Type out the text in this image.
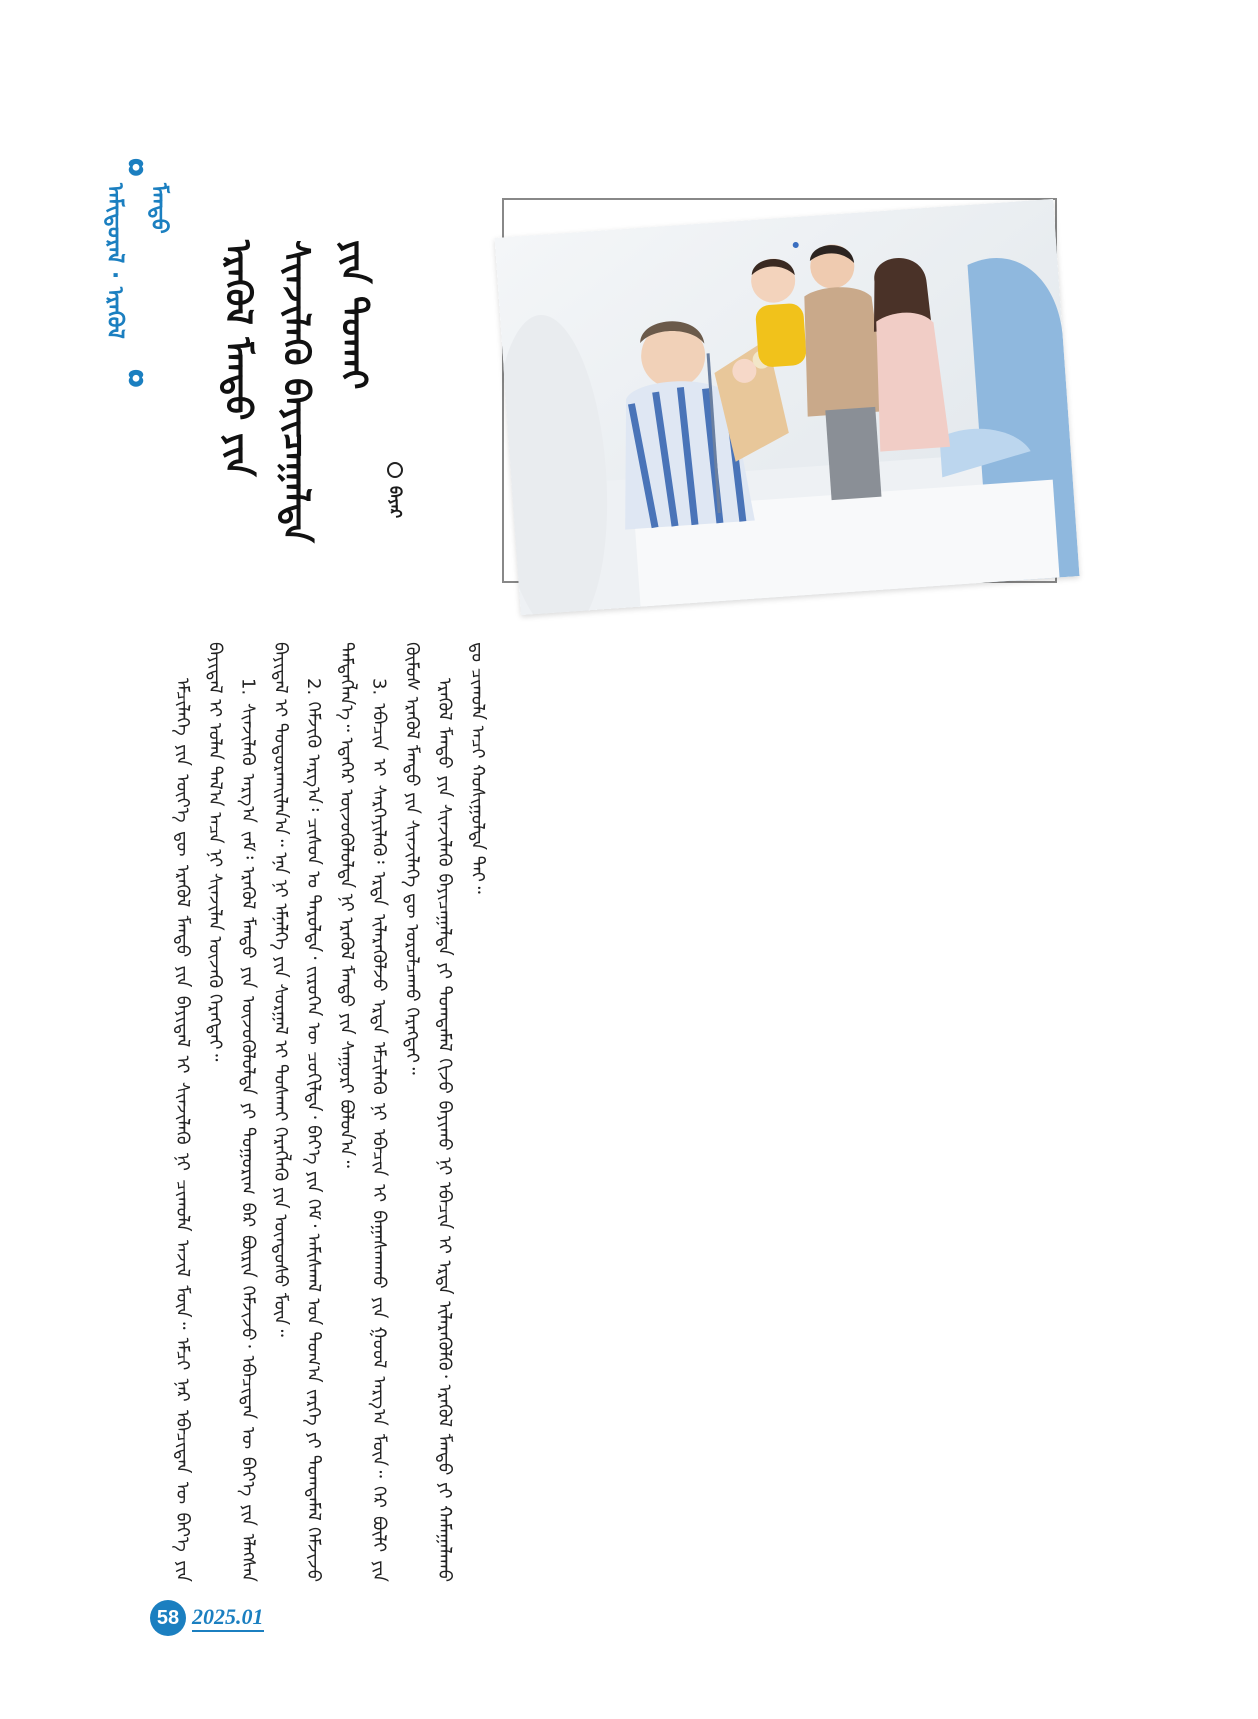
ᠠᠮᠢᠳᠤᠷᠠᠯ · ᠡᠷᠡᠭᠦᠯ ᠮᠡᠨᠳᠦ
ᠡᠷᠡᠭᠦᠯ ᠮᠡᠨᠳᠦ ᠶᠢᠨ ᠰᠢᠨᠵᠢᠯᠡᠬᠦ ᠪᠠᠶᠢᠴᠠᠭᠠᠯᠲᠠ ᠶᠢᠨ ᠲᠤᠬᠠᠢ
ᠪᠠᠶᠠᠷ

ᠡᠮᠴᠢᠯᠡᠭᠡ ᠶᠢᠨ ᠦᠶ᠎ᠡ ᠳᠦ ᠡᠷᠡᠭᠦᠯ ᠮᠡᠨᠳᠦ ᠶᠢᠨ ᠪᠠᠶᠢᠳᠠᠯ ᠢ ᠰᠢᠨᠵᠢᠯᠡᠬᠦ ᠨᠢ ᠴᠢᠬᠤᠯᠠ ᠠᠵᠢᠯ ᠮᠥᠨ᠃ ᠡᠮᠴᠢ ᠨᠠᠷ ᠡᠪᠡᠴᠢᠲᠡᠨ ᠦ ᠪᠡᠶ᠎ᠡ ᠶᠢᠨ ᠪᠠᠶᠢᠳᠠᠯ ᠢ ᠣᠯᠠᠨ ᠲᠠᠯ᠎ᠠ ᠠᠴᠠ ᠨᠢ ᠰᠢᠨᠵᠢᠯᠡᠨ ᠦᠵᠡᠬᠦ ᠬᠡᠷᠡᠭᠲᠡᠢ᠃ 1. ᠰᠢᠨᠵᠢᠯᠡᠬᠦ ᠠᠷᠭ᠎ᠠ ᠵᠠᠮ᠄ ᠡᠷᠡᠭᠦᠯ ᠮᠡᠨᠳᠦ ᠶᠢᠨ ᠦᠵᠦᠭᠦᠯᠦᠯᠲᠡ ᠶᠢ ᠲᠤᠭᠤᠷᠢᠭ ᠪᠡᠷ ᠪᠦᠷᠢᠨ ᠬᠡᠮᠵᠢᠵᠦ᠂ ᠡᠪᠡᠴᠢᠲᠡᠨ ᠦ ᠪᠡᠶ᠎ᠡ ᠶᠢᠨ ᠡᠯᠡᠭᠰᠡᠨ ᠪᠠᠶᠢᠳᠠᠯ ᠢ ᠲᠣᠳᠤᠷᠬᠠᠢᠯᠠᠨ᠎ᠠ᠃ ᠡᠨᠡ ᠨᠢ ᠡᠮᠨᠡᠯᠭᠡ ᠶᠢᠨ ᠰᠤᠷᠭᠠᠯ ᠢ ᠲᠤᠰᠬᠠᠢ ᠬᠡᠷᠡᠭᠯᠡᠬᠦ ᠶᠢᠨ ᠦᠨᠳᠦᠰᠦ ᠮᠥᠨ᠃ 2. ᠬᠡᠮᠵᠢᠬᠦ ᠠᠷᠭ᠎ᠠ᠄ ᠴᠢᠰᠤᠨ ᠤ ᠳᠠᠷᠤᠯᠲᠠ᠂ ᠵᠢᠷᠦᠬᠡᠨ ᠦ ᠴᠣᠬᠢᠯᠲᠠ᠂ ᠪᠡᠶ᠎ᠡ ᠶᠢᠨ ᠬᠡᠮ᠂ ᠠᠮᠢᠰᠭᠠᠯ ᠤᠨ ᠲᠣᠭ᠎ᠠ ᠵᠡᠷᠭᠡ ᠶᠢ ᠲᠣᠭᠲᠠᠮᠠᠯ ᠬᠡᠮᠵᠢᠵᠦ ᠲᠡᠮᠳᠡᠭᠯᠡᠨ᠎ᠡ᠃ ᠡᠳᠡᠭᠡᠷ ᠦᠵᠦᠭᠦᠯᠦᠯᠲᠡ ᠨᠢ ᠡᠷᠡᠭᠦᠯ ᠮᠡᠨᠳᠦ ᠶᠢᠨ ᠰᠠᠭᠤᠷᠢ ᠪᠣᠯᠤᠨ᠎ᠠ᠃ 3. ᠡᠪᠡᠴᠢᠨ ᠢ ᠰᠡᠷᠭᠡᠶᠢᠯᠡᠬᠦ᠄ ᠡᠷᠲᠡ ᠢᠯᠡᠷᠡᠭᠦᠯᠵᠦ ᠡᠷᠲᠡ ᠡᠮᠴᠢᠯᠡᠬᠦ ᠨᠢ ᠡᠪᠡᠴᠢᠨ ᠢ ᠪᠠᠭᠠᠰᠬᠠᠬᠤ ᠶᠢᠨ ᠭᠣᠣᠯ ᠠᠷᠭ᠎ᠠ ᠮᠥᠨ᠃ ᠭᠡᠷ ᠪᠦᠯᠢ ᠶᠢᠨ ᠬᠦᠮᠦᠰ ᠡᠷᠡᠭᠦᠯ ᠮᠡᠨᠳᠦ ᠶᠢᠨ ᠰᠢᠨᠵᠢᠯᠡᠭᠡ ᠳᠦ ᠣᠷᠣᠯᠴᠠᠬᠤ ᠬᠡᠷᠡᠭᠲᠡᠢ᠃ ᠡᠷᠡᠭᠦᠯ ᠮᠡᠨᠳᠦ ᠶᠢᠨ ᠰᠢᠨᠵᠢᠯᠡᠬᠦ ᠪᠠᠶᠢᠴᠠᠭᠠᠯᠲᠠ ᠶᠢ ᠲᠣᠭᠲᠠᠮᠠᠯ ᠬᠢᠵᠦ ᠪᠠᠶᠢᠬᠤ ᠨᠢ ᠡᠪᠡᠴᠢᠨ ᠢ ᠡᠷᠲᠡ ᠢᠯᠡᠷᠡᠭᠦᠯᠬᠦ᠂ ᠡᠷᠡᠭᠦᠯ ᠮᠡᠨᠳᠦ ᠶᠢ ᠬᠠᠮᠠᠭᠠᠯᠠᠬᠤ ᠳᠤ ᠴᠢᠬᠤᠯᠠ ᠠᠴᠢ ᠬᠤᠰᠢᠭᠤᠯᠲᠠ ᠲᠠᠢ᠃

58 2025.01
